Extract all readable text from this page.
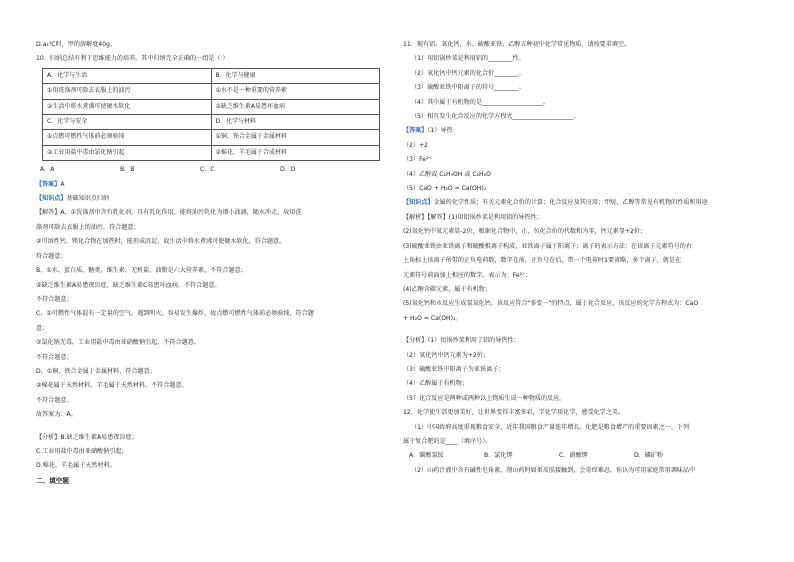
D.a₁℃时，甲的溶解度40g。
10．归纳总结有利于思维能力的培养。其中归纳完全正确的一组是（ ）
A．化学与生活	B．化学与健康
①用洗涤剂可除去衣服上的油污	①水不是一种重要的营养素
②生活中将水煮沸可使硬水软化	②缺乏维生素A易患坏血病
C．化学与安全	D．化学与材料
①点燃可燃性气体前必须验纯	①铜、铁合金属于金属材料
②工业用盐中毒由氯化钠引起	②棉花、羊毛属于合成材料
A．A	B．B	C．C	D．D
【答案】A
【知识点】基础知识点归纳
【解答】A、①洗涤剂中含有乳化剂，具有乳化作用，能将油污乳化为细小油滴，随水冲走，故用洗
涤剂可除去衣服上的油污，符合题意；
②可溶性钙、镁化合物在加热时，能形成沉淀，故生活中将水煮沸可使硬水软化，符合题意。
符合题意；
B、①水、蛋白质、糖类、维生素、无机盐、油脂是六大营养素，不符合题意；
②缺乏维生素A易患夜盲症，缺乏维生素C易患坏血病，不符合题意。
不符合题意；
C、①可燃性气体混有一定量的空气，遇到明火，容易发生爆炸，故点燃可燃性气体前必须验纯，符合题
意；
②氯化钠无毒，工业用盐中毒由亚硝酸钠引起，不符合题意。
不符合题意；
D、①铜、铁合金属于金属材料，符合题意；
②棉花属于天然材料，羊毛属于天然材料，不符合题意。
不符合题意。
故答案为：A。
【分析】B.缺乏维生素A易患夜盲症；
C.工业用盐中毒由亚硝酸钠引起；
D.棉花、羊毛属于天然材料。
二、填空题
11．现有铝、氧化钙、水、硫酸亚铁、乙醇五种初中化学常见物质，请按要求填空。
（1）用铝锅炒菜是利用铝的________性。
（2）氧化钙中钙元素的化合价________。
（3）硫酸亚铁中阳离子的符号________。
（4）其中属于有机物的是____________________。
（5）相互发生化合反应的化学方程式____________________。
【答案】（1）导热
（2）+2
（3）Fe²⁺
（4）乙醇或 C₂H₅OH 或 C₂H₆O
（5）CaO + H₂O = Ca(OH)₂
【知识点】金属的化学性质；有关元素化合价的计算；化合反应及其应用；甲烷、乙醇等常见有机物的性质和用途
【解析】【解答】(1)用铝锅炒菜是利用铝的导热性；
(2)氧化钙中氧元素显-2价，根据化合物中，正、负化合价的代数和为零，钙元素显+2价；
(3)硫酸亚铁由亚铁离子和硫酸根离子构成，亚铁离子属于阳离子；离子的表示方法：在该离子元素符号的右
上角标上该离子所带的正负电荷数，数字在前，正负号在后，带一个电荷时1要省略，多个离子，就是在
元素符号前面加上相应的数字，表示为：Fe²⁺；
(4)乙醇含碳元素，属于有机物；
(5)氧化钙和水反应生成氢氧化钙，该反应符合"多变一"的特点，属于化合反应，该反应的化学方程式为：CaO
+ H₂O = Ca(OH)₂。
【分析】（1）铝锅炒菜利用了铝的导热性；
（2）氧化钙中钙元素为+2价；
（3）硫酸亚铁中阳离子为亚铁离子；
（4）乙醇属于有机物；
（5）化合反应是两种或两种以上物质生成一种物质的反应。
12．化学使生活更加美好，让世界变得丰富多彩，学化学用化学，感受化学之美。
（1）中国政府高度重视粮食安全，近年我国粮食产量连年增长。化肥是粮食增产的重要因素之一，下列
属于复合肥的是____（填序号）。
A．碳酸氢铵	B．氯化钾	C．硝酸钾	D．磷矿粉
（2）山药汁液中含有碱性皂角素，削山药时如果皮肤接触到，会奇痒难忍。你认为可用家庭常用调味品中
